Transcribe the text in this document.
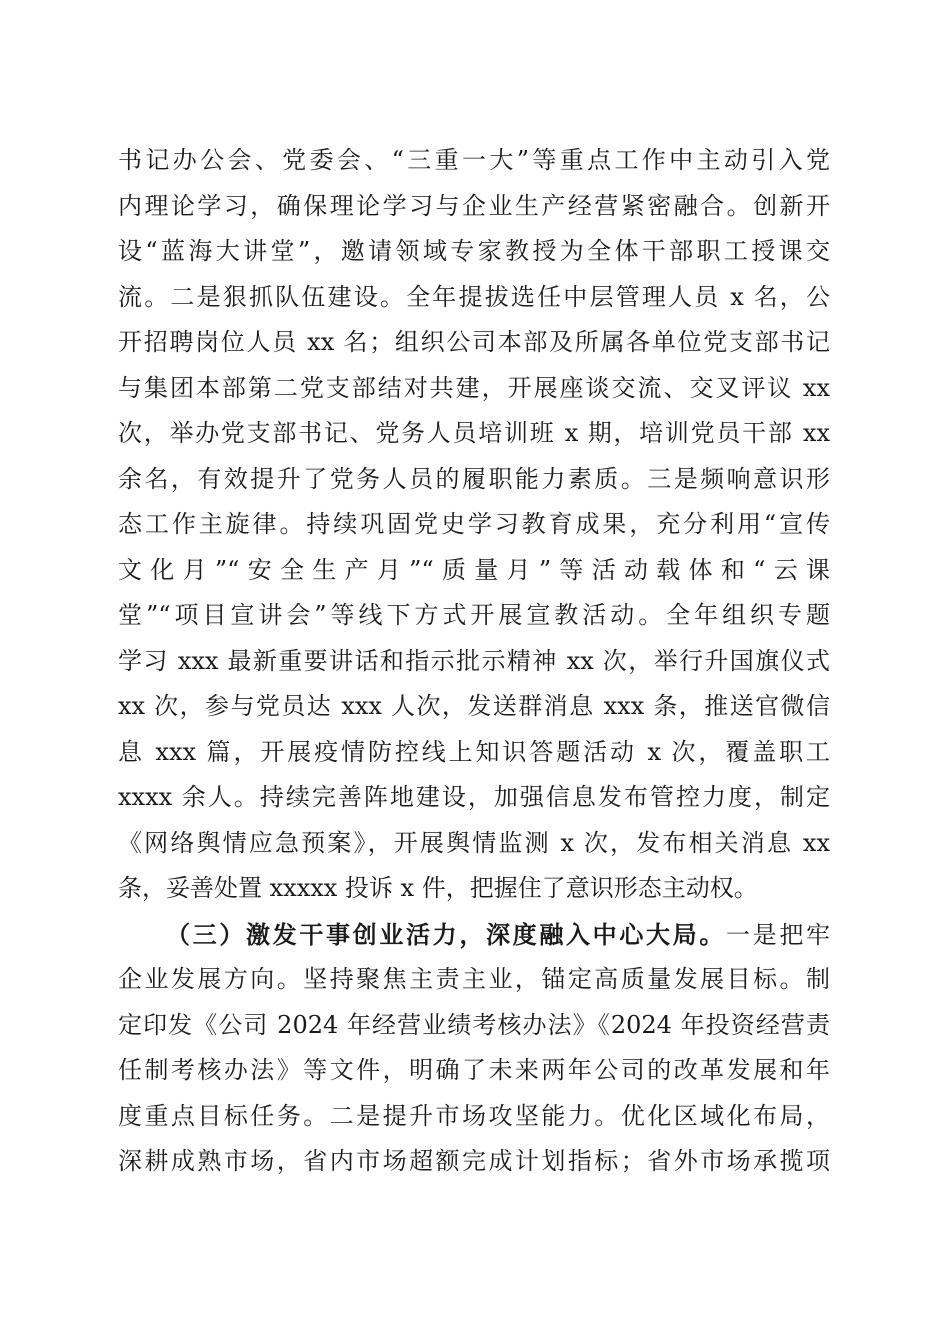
书记办公会、党委会、“三重一大”等重点工作中主动引入党
内理论学习，确保理论学习与企业生产经营紧密融合。创新开
设“蓝海大讲堂”，邀请领域专家教授为全体干部职工授课交
流。二是狠抓队伍建设。全年提拔选任中层管理人员 x 名，公
开招聘岗位人员 xx 名；组织公司本部及所属各单位党支部书记
与集团本部第二党支部结对共建，开展座谈交流、交叉评议 xx
次，举办党支部书记、党务人员培训班 x 期，培训党员干部 xx
余名，有效提升了党务人员的履职能力素质。三是频响意识形
态工作主旋律。持续巩固党史学习教育成果，充分利用“宣传
文化月”“安全生产月”“质量月”等活动载体和“云课
堂”“项目宣讲会”等线下方式开展宣教活动。全年组织专题
学习 xxx 最新重要讲话和指示批示精神 xx 次，举行升国旗仪式
xx 次，参与党员达 xxx 人次，发送群消息 xxx 条，推送官微信
息 xxx 篇，开展疫情防控线上知识答题活动 x 次，覆盖职工
xxxx 余人。持续完善阵地建设，加强信息发布管控力度，制定
《网络舆情应急预案》，开展舆情监测 x 次，发布相关消息 xx
条，妥善处置 xxxxx 投诉 x 件，把握住了意识形态主动权。
（三）激发干事创业活力，深度融入中心大局。一是把牢
企业发展方向。坚持聚焦主责主业，锚定高质量发展目标。制
定印发《公司 2024 年经营业绩考核办法》《2024 年投资经营责
任制考核办法》等文件，明确了未来两年公司的改革发展和年
度重点目标任务。二是提升市场攻坚能力。优化区域化布局，
深耕成熟市场，省内市场超额完成计划指标；省外市场承揽项
